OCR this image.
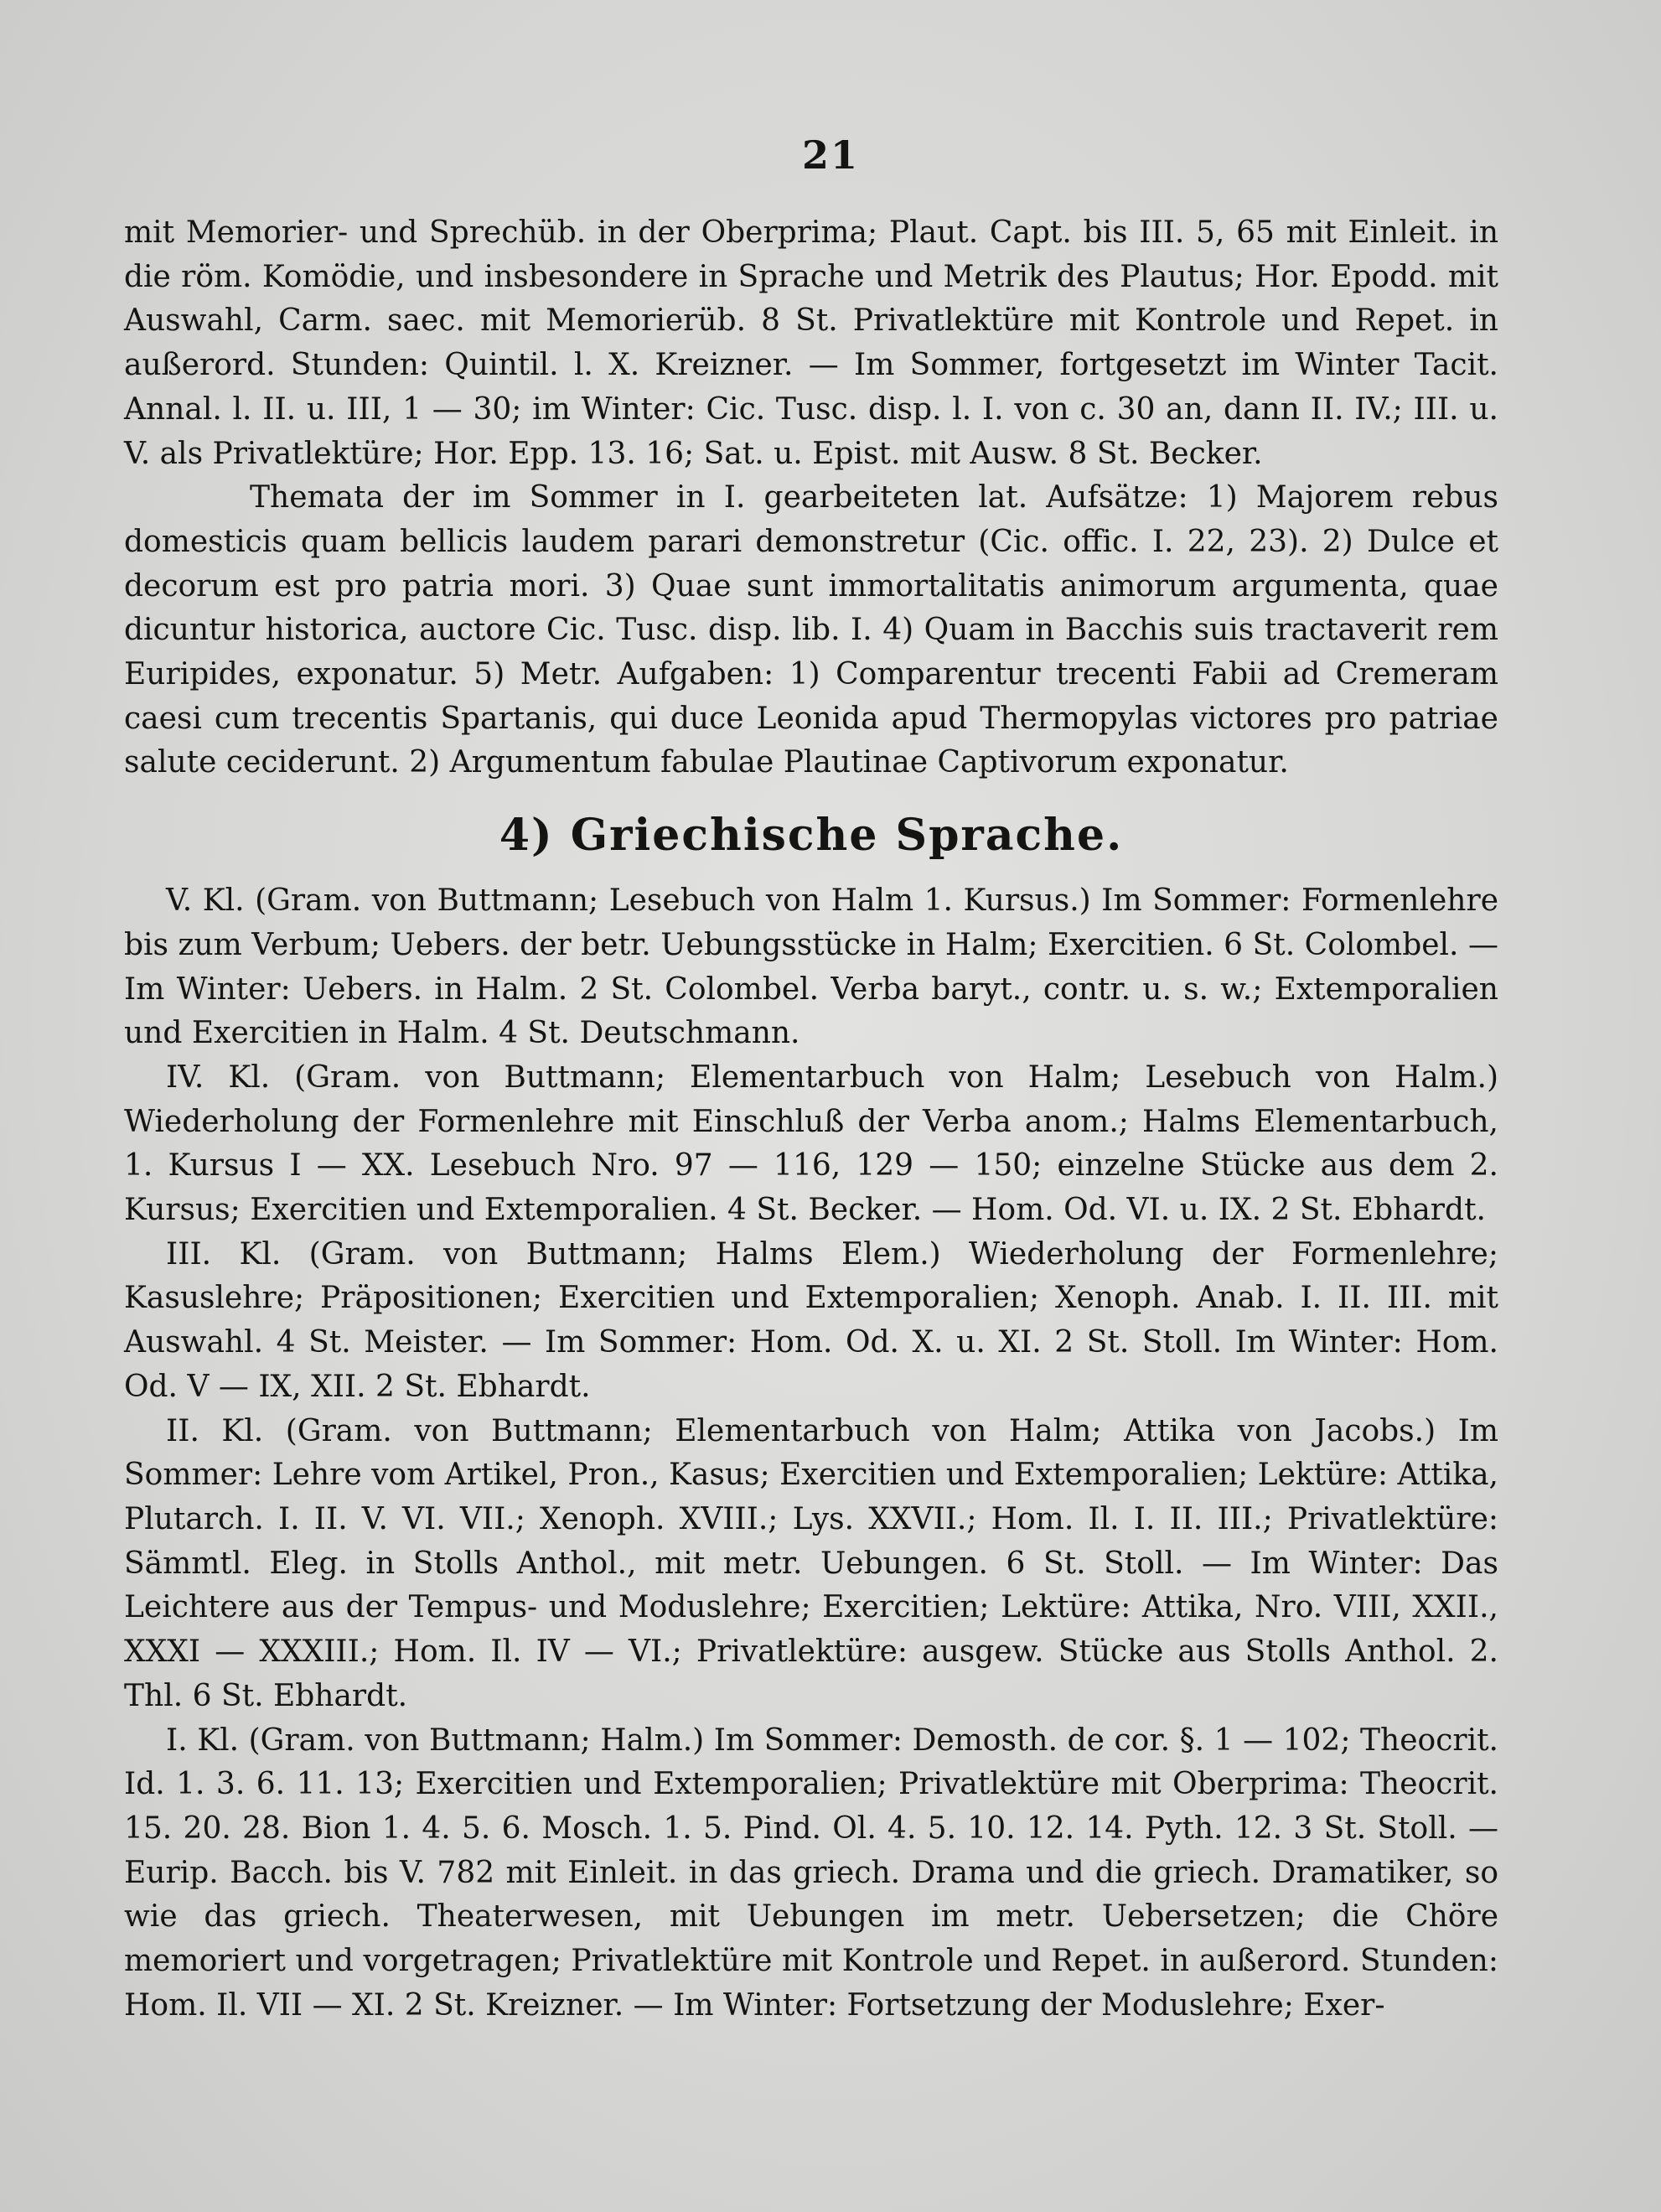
21

mit Memorier- und Sprechüb. in der Oberprima; Plaut. Capt. bis III. 5, 65 mit Einleit. in die röm. Komödie, und insbesondere in Sprache und Metrik des Plautus; Hor. Epodd. mit Auswahl, Carm. saec. mit Memorierüb. 8 St. Privatlektüre mit Kontrole und Repet. in außerord. Stunden: Quintil. l. X. Kreizner. — Im Sommer, fortgesetzt im Winter Tacit. Annal. l. II. u. III, 1 — 30; im Winter: Cic. Tusc. disp. l. I. von c. 30 an, dann II. IV.; III. u. V. als Privatlektüre; Hor. Epp. 13. 16; Sat. u. Epist. mit Ausw. 8 St. Becker.

Themata der im Sommer in I. gearbeiteten lat. Aufsätze: 1) Majorem rebus domesticis quam bellicis laudem parari demonstretur (Cic. offic. I. 22, 23). 2) Dulce et decorum est pro patria mori. 3) Quae sunt immortalitatis animorum argumenta, quae dicuntur historica, auctore Cic. Tusc. disp. lib. I. 4) Quam in Bacchis suis tractaverit rem Euripides, exponatur. 5) Metr. Aufgaben: 1) Comparentur trecenti Fabii ad Cremeram caesi cum trecentis Spartanis, qui duce Leonida apud Thermopylas victores pro patriae salute ceciderunt. 2) Argumentum fabulae Plautinae Captivorum exponatur.

4) Griechische Sprache.

V. Kl. (Gram. von Buttmann; Lesebuch von Halm 1. Kursus.) Im Sommer: Formenlehre bis zum Verbum; Uebers. der betr. Uebungsstücke in Halm; Exercitien. 6 St. Colombel. — Im Winter: Uebers. in Halm. 2 St. Colombel. Verba baryt., contr. u. s. w.; Extemporalien und Exercitien in Halm. 4 St. Deutschmann.

IV. Kl. (Gram. von Buttmann; Elementarbuch von Halm; Lesebuch von Halm.) Wiederholung der Formenlehre mit Einschluß der Verba anom.; Halms Elementarbuch, 1. Kursus I — XX. Lesebuch Nro. 97 — 116, 129 — 150; einzelne Stücke aus dem 2. Kursus; Exercitien und Extemporalien. 4 St. Becker. — Hom. Od. VI. u. IX. 2 St. Ebhardt.

III. Kl. (Gram. von Buttmann; Halms Elem.) Wiederholung der Formenlehre; Kasuslehre; Präpositionen; Exercitien und Extemporalien; Xenoph. Anab. I. II. III. mit Auswahl. 4 St. Meister. — Im Sommer: Hom. Od. X. u. XI. 2 St. Stoll. Im Winter: Hom. Od. V — IX, XII. 2 St. Ebhardt.

II. Kl. (Gram. von Buttmann; Elementarbuch von Halm; Attika von Jacobs.) Im Sommer: Lehre vom Artikel, Pron., Kasus; Exercitien und Extemporalien; Lektüre: Attika, Plutarch. I. II. V. VI. VII.; Xenoph. XVIII.; Lys. XXVII.; Hom. Il. I. II. III.; Privatlektüre: Sämmtl. Eleg. in Stolls Anthol., mit metr. Uebungen. 6 St. Stoll. — Im Winter: Das Leichtere aus der Tempus- und Moduslehre; Exercitien; Lektüre: Attika, Nro. VIII, XXII., XXXI — XXXIII.; Hom. Il. IV — VI.; Privatlektüre: ausgew. Stücke aus Stolls Anthol. 2. Thl. 6 St. Ebhardt.

I. Kl. (Gram. von Buttmann; Halm.) Im Sommer: Demosth. de cor. §. 1 — 102; Theocrit. Id. 1. 3. 6. 11. 13; Exercitien und Extemporalien; Privatlektüre mit Oberprima: Theocrit. 15. 20. 28. Bion 1. 4. 5. 6. Mosch. 1. 5. Pind. Ol. 4. 5. 10. 12. 14. Pyth. 12. 3 St. Stoll. — Eurip. Bacch. bis V. 782 mit Einleit. in das griech. Drama und die griech. Dramatiker, so wie das griech. Theaterwesen, mit Uebungen im metr. Uebersetzen; die Chöre memoriert und vorgetragen; Privatlektüre mit Kontrole und Repet. in außerord. Stunden: Hom. Il. VII — XI. 2 St. Kreizner. — Im Winter: Fortsetzung der Moduslehre; Exer-
